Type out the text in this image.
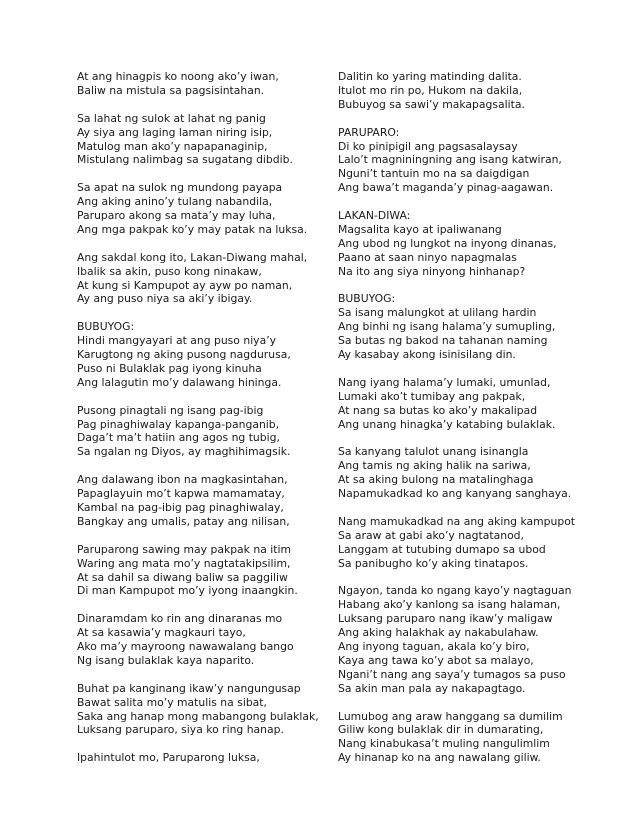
At ang hinagpis ko noong ako’y iwan,
Baliw na mistula sa pagsisintahan.
Sa lahat ng sulok at lahat ng panig
Ay siya ang laging laman niring isip,
Matulog man ako’y napapanaginip,
Mistulang nalimbag sa sugatang dibdib.
Sa apat na sulok ng mundong payapa
Ang aking anino’y tulang nabandila,
Paruparo akong sa mata’y may luha,
Ang mga pakpak ko’y may patak na luksa.
Ang sakdal kong ito, Lakan-Diwang mahal,
Ibalik sa akin, puso kong ninakaw,
At kung si Kampupot ay ayw po naman,
Ay ang puso niya sa aki’y ibigay.
BUBUYOG:
Hindi mangyayari at ang puso niya’y
Karugtong ng aking pusong nagdurusa,
Puso ni Bulaklak pag iyong kinuha
Ang lalagutin mo’y dalawang hininga.
Pusong pinagtali ng isang pag-ibig
Pag pinaghiwalay kapanga-panganib,
Daga’t ma’t hatiin ang agos ng tubig,
Sa ngalan ng Diyos, ay maghihimagsik.
Ang dalawang ibon na magkasintahan,
Papaglayuin mo’t kapwa mamamatay,
Kambal na pag-ibig pag pinaghiwalay,
Bangkay ang umalis, patay ang nilisan,
Paruparong sawing may pakpak na itim
Waring ang mata mo’y nagtatakipsilim,
At sa dahil sa diwang baliw sa paggiliw
Di man Kampupot mo’y iyong inaangkin.
Dinaramdam ko rin ang dinaranas mo
At sa kasawia’y magkauri tayo,
Ako ma’y mayroong nawawalang bango
Ng isang bulaklak kaya naparito.
Buhat pa kanginang ikaw’y nangungusap
Bawat salita mo’y matulis na sibat,
Saka ang hanap mong mabangong bulaklak,
Luksang paruparo, siya ko ring hanap.
Ipahintulot mo, Paruparong luksa,
Dalitin ko yaring matinding dalita.
Itulot mo rin po, Hukom na dakila,
Bubuyog sa sawi’y makapagsalita.
PARUPARO:
Di ko pinipigil ang pagsasalaysay
Lalo’t magniningning ang isang katwiran,
Nguni’t tantuin mo na sa daigdigan
Ang bawa’t maganda’y pinag-aagawan.
LAKAN-DIWA:
Magsalita kayo at ipaliwanang
Ang ubod ng lungkot na inyong dinanas,
Paano at saan ninyo napagmalas
Na ito ang siya ninyong hinhanap?
BUBUYOG:
Sa isang malungkot at ulilang hardin
Ang binhi ng isang halama’y sumupling,
Sa butas ng bakod na tahanan naming
Ay kasabay akong isinisilang din.
Nang iyang halama’y lumaki, umunlad,
Lumaki ako’t tumibay ang pakpak,
At nang sa butas ko ako’y makalipad
Ang unang hinagka’y katabing bulaklak.
Sa kanyang talulot unang isinangla
Ang tamis ng aking halik na sariwa,
At sa aking bulong na matalinghaga
Napamukadkad ko ang kanyang sanghaya.
Nang mamukadkad na ang aking kampupot
Sa araw at gabi ako’y nagtatanod,
Langgam at tutubing dumapo sa ubod
Sa panibugho ko’y aking tinatapos.
Ngayon, tanda ko ngang kayo’y nagtaguan
Habang ako’y kanlong sa isang halaman,
Luksang paruparo nang ikaw’y maligaw
Ang aking halakhak ay nakabulahaw.
Ang inyong taguan, akala ko’y biro,
Kaya ang tawa ko’y abot sa malayo,
Ngani’t nang ang saya’y tumagos sa puso
Sa akin man pala ay nakapagtago.
Lumubog ang araw hanggang sa dumilim
Giliw kong bulaklak dir in dumarating,
Nang kinabukasa’t muling nangulimlim
Ay hinanap ko na ang nawalang giliw.
